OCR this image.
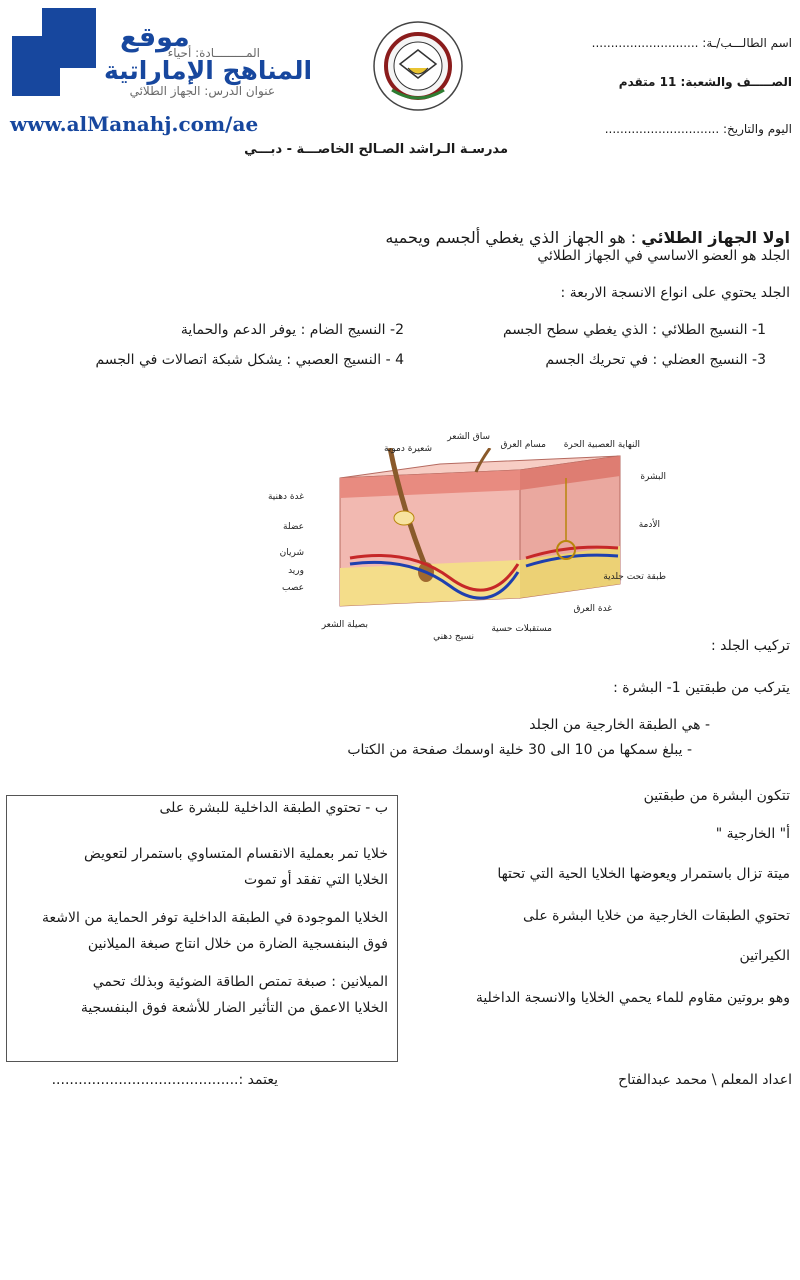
موقع
المناهج الإماراتية
www.alManahj.com/ae
عنوان الدرس: الجهاز الطلائي
المـــــــــادة: أحياء
مدرسـة الـراشد الصـالح الخاصـــة - دبـــي
اسم الطالـــب/ـة: ............................
الصـــــف والشعبة: 11 متقدم
اليوم والتاريخ: ..............................
اولا الجهاز الطلائي : هو الجهاز الذي يغطي ألجسم ويحميه
الجلد هو العضو الاساسي في الجهاز الطلائي
الجلد يحتوي على انواع الانسجة الاربعة :
1- النسيج الطلائي : الذي يغطي سطح الجسم
2- النسيج الضام : يوفر الدعم والحماية
3- النسيج العضلي : في تحريك الجسم
4 - النسيج العصبي : يشكل شبكة اتصالات في الجسم
غدة دهنية
عضلة
شريان
وريد
عصب
بصيلة الشعر
نسيج دهني
مستقبلات حسية
غدة العرق
شعيرة دموية
ساق الشعر
مسام العرق النهاية العصبية الحرة
البشرة
الأدمة
طبقة تحت جلدية
تركيب الجلد :
يتركب من طبقتين 1- البشرة :
- هي الطبقة الخارجية من الجلد
- يبلغ سمكها من 10 الى 30 خلية اوسمك صفحة من الكتاب
تتكون البشرة من طبقتين
أ" الخارجية "
ميتة تزال باستمرار ويعوضها الخلايا الحية التي تحتها
تحتوي الطبقات الخارجية من خلايا البشرة على
الكيراتين
وهو بروتين مقاوم للماء يحمي الخلايا والانسجة الداخلية
ب - تحتوي الطبقة الداخلية للبشرة على
خلايا تمر بعملية الانقسام المتساوي باستمرار لتعويض
الخلايا التي تفقد أو تموت
الخلايا الموجودة في الطبقة الداخلية توفر الحماية من الاشعة
فوق البنفسجية الضارة من خلال انتاج صبغة الميلانين
الميلانين : صبغة تمتص الطاقة الضوئية وبذلك تحمي
الخلايا الاعمق من التأثير الضار للأشعة فوق البنفسجية
اعداد المعلم \ محمد عبدالفتاح
يعتمد :..........................................
